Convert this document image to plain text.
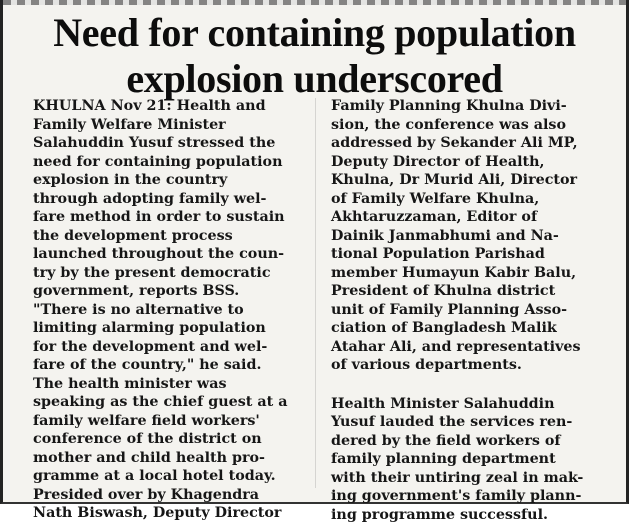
Need for containing population
explosion underscored
KHULNA Nov 21: Health and
Family Welfare Minister
Salahuddin Yusuf stressed the
need for containing population
explosion in the country
through adopting family wel-
fare method in order to sustain
the development process
launched throughout the coun-
try by the present democratic
government, reports BSS.
"There is no alternative to
limiting alarming population
for the development and wel-
fare of the country," he said.
The health minister was
speaking as the chief guest at a
family welfare field workers'
conference of the district on
mother and child health pro-
gramme at a local hotel today.
Presided over by Khagendra
Nath Biswash, Deputy Director
Family Planning Khulna Divi-
sion, the conference was also
addressed by Sekander Ali MP,
Deputy Director of Health,
Khulna, Dr Murid Ali, Director
of Family Welfare Khulna,
Akhtaruzzaman, Editor of
Dainik Janmabhumi and Na-
tional Population Parishad
member Humayun Kabir Balu,
President of Khulna district
unit of Family Planning Asso-
ciation of Bangladesh Malik
Atahar Ali, and representatives
of various departments.
Health Minister Salahuddin
Yusuf lauded the services ren-
dered by the field workers of
family planning department
with their untiring zeal in mak-
ing government's family plann-
ing programme successful.
